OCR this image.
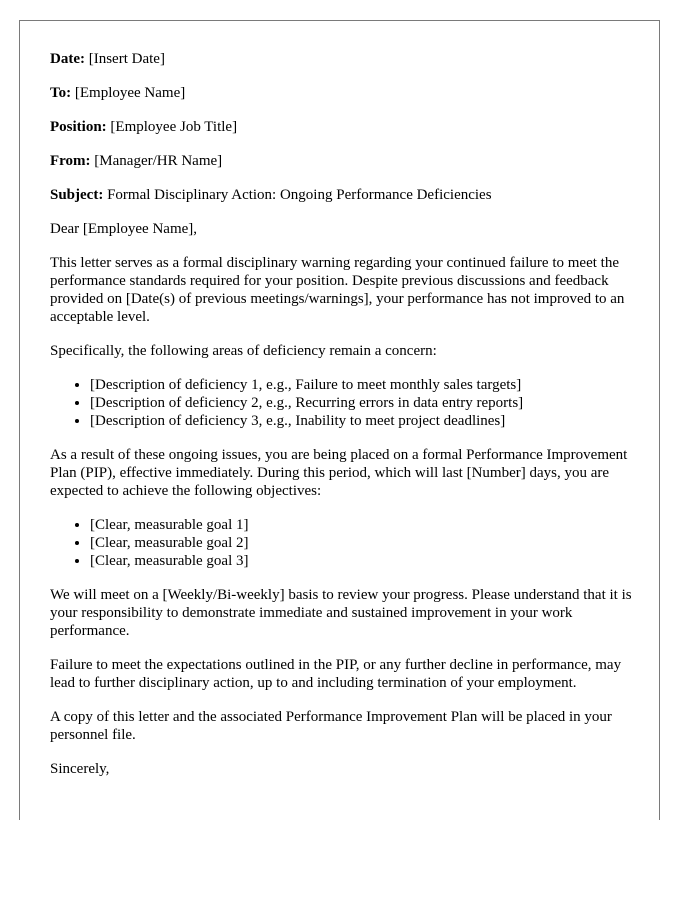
Date: [Insert Date]

To: [Employee Name]

Position: [Employee Job Title]

From: [Manager/HR Name]

Subject: Formal Disciplinary Action: Ongoing Performance Deficiencies

Dear [Employee Name],

This letter serves as a formal disciplinary warning regarding your continued failure to meet the performance standards required for your position. Despite previous discussions and feedback provided on [Date(s) of previous meetings/warnings], your performance has not improved to an acceptable level.

Specifically, the following areas of deficiency remain a concern:

• [Description of deficiency 1, e.g., Failure to meet monthly sales targets]
• [Description of deficiency 2, e.g., Recurring errors in data entry reports]
• [Description of deficiency 3, e.g., Inability to meet project deadlines]

As a result of these ongoing issues, you are being placed on a formal Performance Improvement Plan (PIP), effective immediately. During this period, which will last [Number] days, you are expected to achieve the following objectives:

• [Clear, measurable goal 1]
• [Clear, measurable goal 2]
• [Clear, measurable goal 3]

We will meet on a [Weekly/Bi-weekly] basis to review your progress. Please understand that it is your responsibility to demonstrate immediate and sustained improvement in your work performance.

Failure to meet the expectations outlined in the PIP, or any further decline in performance, may lead to further disciplinary action, up to and including termination of your employment.

A copy of this letter and the associated Performance Improvement Plan will be placed in your personnel file.

Sincerely,
